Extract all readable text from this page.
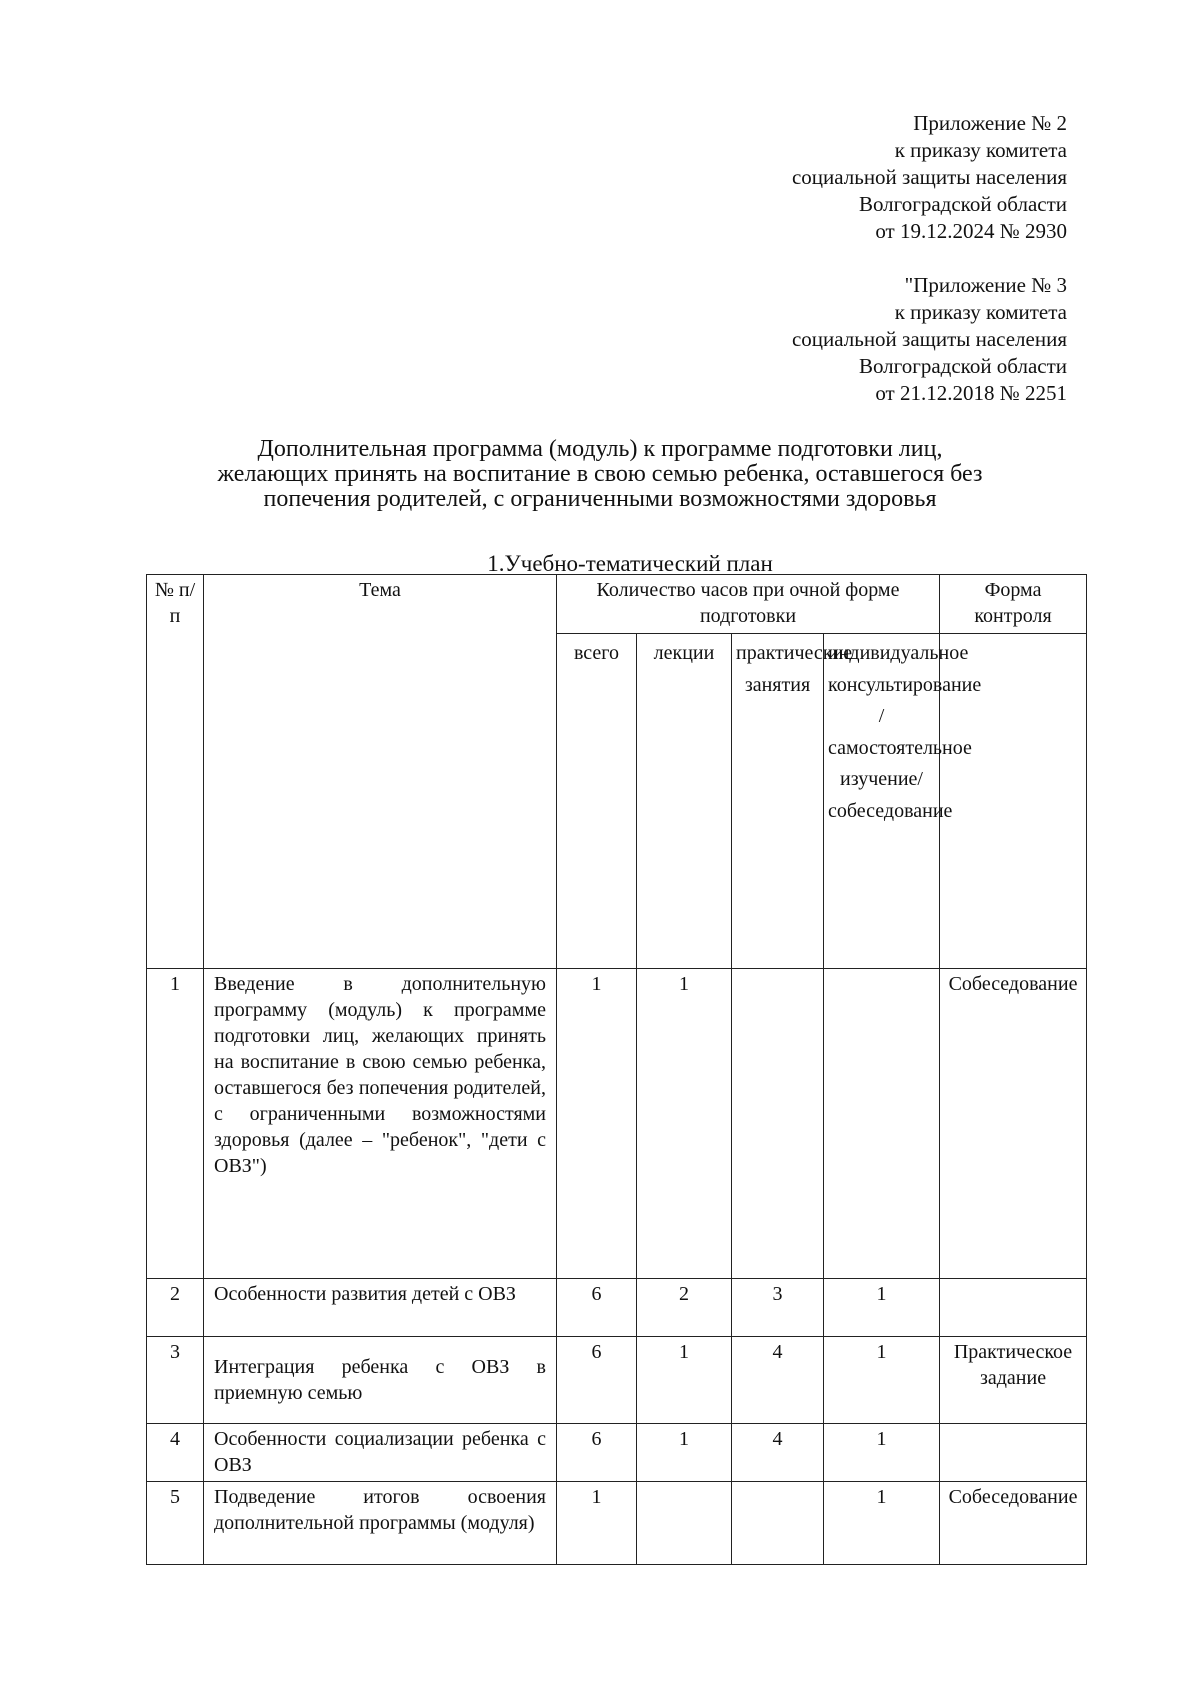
Приложение № 2
к приказу комитета
социальной защиты населения
Волгоградской области
от 19.12.2024 № 2930
"Приложение № 3
к приказу комитета
социальной защиты населения
Волгоградской области
от 21.12.2018 № 2251
Дополнительная программа (модуль) к программе подготовки лиц,
желающих принять на воспитание в свою семью ребенка, оставшегося без
попечения родителей, с ограниченными возможностями здоровья
1.Учебно-тематический план
№ п/п	Тема	Количество часов при очной форме подготовки				Форма контроля
		всего	лекции	практические занятия	индивидуальное консультирование / самостоятельное изучение/ собеседование	
1	Введение в дополнительную программу (модуль) к программе подготовки лиц, желающих принять на воспитание в свою семью ребенка, оставшегося без попечения родителей, с ограниченными возможностями здоровья (далее – "ребенок", "дети с ОВЗ")	1	1			Собеседование
2	Особенности развития детей с ОВЗ	6	2	3	1	
3	Интеграция ребенка с ОВЗ в приемную семью	6	1	4	1	Практическое задание
4	Особенности социализации ребенка с ОВЗ	6	1	4	1	
5	Подведение итогов освоения дополнительной программы (модуля)	1			1	Собеседование
